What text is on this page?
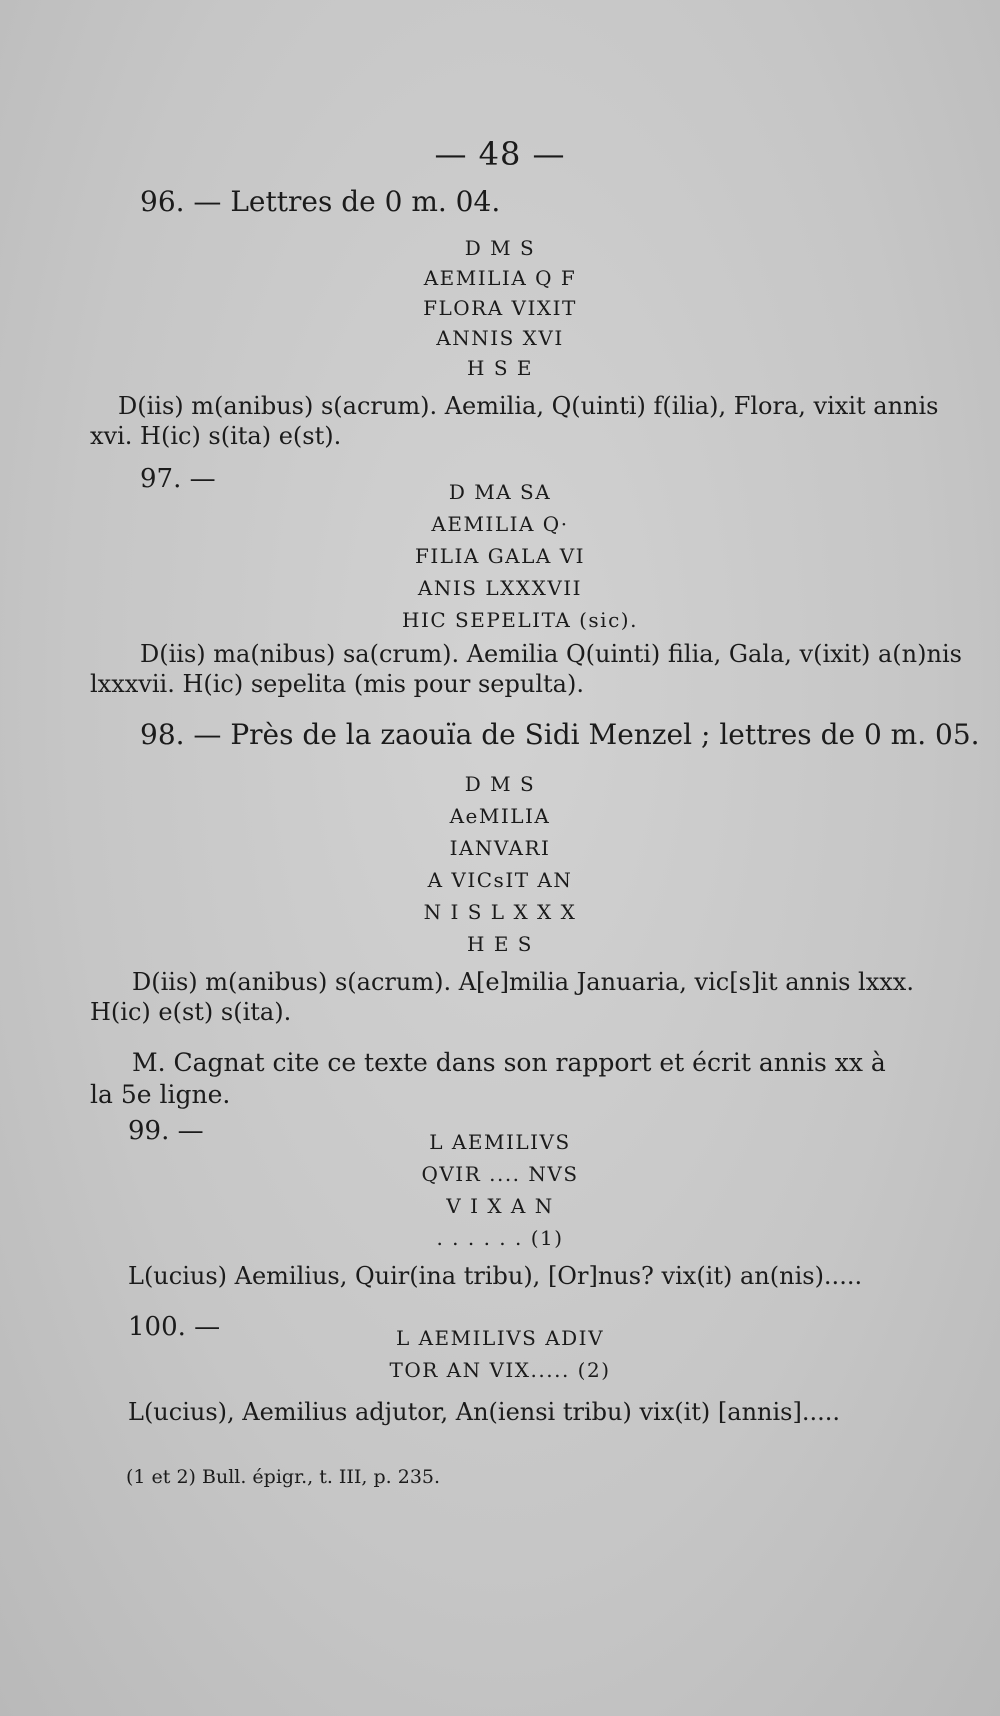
— 48 —
96. — Lettres de 0 m. 04.
D M S
AEMILIA Q F
FLORA VIXIT
ANNIS XVI
H S E
D(iis) m(anibus) s(acrum). Aemilia, Q(uinti) f(ilia), Flora, vixit annis
xvi. H(ic) s(ita) e(st).
97. —	D MA SA
AEMILIA Q·
FILIA GALA VI
ANIS LXXXVII
HIC SEPELITA (sic).
D(iis) ma(nibus) sa(crum). Aemilia Q(uinti) filia, Gala, v(ixit) a(n)nis
lxxxvii. H(ic) sepelita (mis pour sepulta).
98. — Près de la zaouïa de Sidi Menzel ; lettres de 0 m. 05.
D M S
AeMILIA
IANVARI
A VICsIT AN
N I S L X X X
H E S
D(iis) m(anibus) s(acrum). A[e]milia Januaria, vic[s]it annis lxxx.
H(ic) e(st) s(ita).
M. Cagnat cite ce texte dans son rapport et écrit annis xx à
la 5e ligne.
99. —	L AEMILIVS
QVIR .... NVS
V I X A N
. . . . . . (1)
L(ucius) Aemilius, Quir(ina tribu), [Or]nus? vix(it) an(nis).....
100. —	L AEMILIVS ADIV
TOR AN VIX..... (2)
L(ucius), Aemilius adjutor, An(iensi tribu) vix(it) [annis].....
(1 et 2) Bull. épigr., t. III, p. 235.
